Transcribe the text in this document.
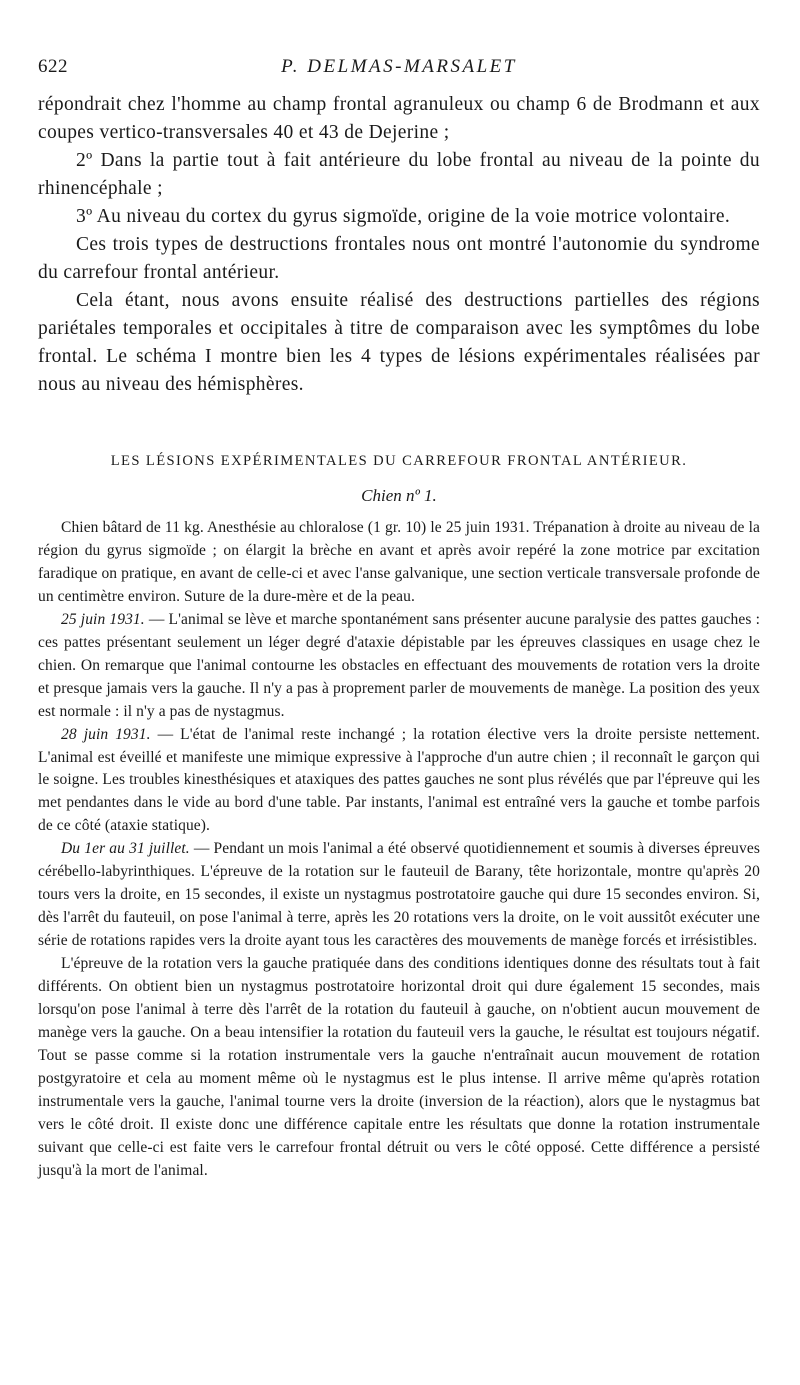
622	P. DELMAS-MARSALET

répondrait chez l'homme au champ frontal agranuleux ou champ 6 de Brodmann et aux coupes vertico-transversales 40 et 43 de Dejerine ;

2º Dans la partie tout à fait antérieure du lobe frontal au niveau de la pointe du rhinencéphale ;

3º Au niveau du cortex du gyrus sigmoïde, origine de la voie motrice volontaire.

Ces trois types de destructions frontales nous ont montré l'autonomie du syndrome du carrefour frontal antérieur.

Cela étant, nous avons ensuite réalisé des destructions partielles des régions pariétales temporales et occipitales à titre de comparaison avec les symptômes du lobe frontal. Le schéma I montre bien les 4 types de lésions expérimentales réalisées par nous au niveau des hémisphères.

LES LÉSIONS EXPÉRIMENTALES DU CARREFOUR FRONTAL ANTÉRIEUR.
Chien nº 1.

Chien bâtard de 11 kg. Anesthésie au chloralose (1 gr. 10) le 25 juin 1931. Trépanation à droite au niveau de la région du gyrus sigmoïde ; on élargit la brèche en avant et après avoir repéré la zone motrice par excitation faradique on pratique, en avant de celle-ci et avec l'anse galvanique, une section verticale transversale profonde de un centimètre environ. Suture de la dure-mère et de la peau.

25 juin 1931. — L'animal se lève et marche spontanément sans présenter aucune paralysie des pattes gauches : ces pattes présentant seulement un léger degré d'ataxie dépistable par les épreuves classiques en usage chez le chien. On remarque que l'animal contourne les obstacles en effectuant des mouvements de rotation vers la droite et presque jamais vers la gauche. Il n'y a pas à proprement parler de mouvements de manège. La position des yeux est normale : il n'y a pas de nystagmus.

28 juin 1931. — L'état de l'animal reste inchangé ; la rotation élective vers la droite persiste nettement. L'animal est éveillé et manifeste une mimique expressive à l'approche d'un autre chien ; il reconnaît le garçon qui le soigne. Les troubles kinesthésiques et ataxiques des pattes gauches ne sont plus révélés que par l'épreuve qui les met pendantes dans le vide au bord d'une table. Par instants, l'animal est entraîné vers la gauche et tombe parfois de ce côté (ataxie statique).

Du 1er au 31 juillet. — Pendant un mois l'animal a été observé quotidiennement et soumis à diverses épreuves cérébello-labyrinthiques. L'épreuve de la rotation sur le fauteuil de Barany, tête horizontale, montre qu'après 20 tours vers la droite, en 15 secondes, il existe un nystagmus postrotatoire gauche qui dure 15 secondes environ. Si, dès l'arrêt du fauteuil, on pose l'animal à terre, après les 20 rotations vers la droite, on le voit aussitôt exécuter une série de rotations rapides vers la droite ayant tous les caractères des mouvements de manège forcés et irrésistibles.

L'épreuve de la rotation vers la gauche pratiquée dans des conditions identiques donne des résultats tout à fait différents. On obtient bien un nystagmus postrotatoire horizontal droit qui dure également 15 secondes, mais lorsqu'on pose l'animal à terre dès l'arrêt de la rotation du fauteuil à gauche, on n'obtient aucun mouvement de manège vers la gauche. On a beau intensifier la rotation du fauteuil vers la gauche, le résultat est toujours négatif. Tout se passe comme si la rotation instrumentale vers la gauche n'entraînait aucun mouvement de rotation postgyratoire et cela au moment même où le nystagmus est le plus intense. Il arrive même qu'après rotation instrumentale vers la gauche, l'animal tourne vers la droite (inversion de la réaction), alors que le nystagmus bat vers le côté droit. Il existe donc une différence capitale entre les résultats que donne la rotation instrumentale suivant que celle-ci est faite vers le carrefour frontal détruit ou vers le côté opposé. Cette différence a persisté jusqu'à la mort de l'animal.
